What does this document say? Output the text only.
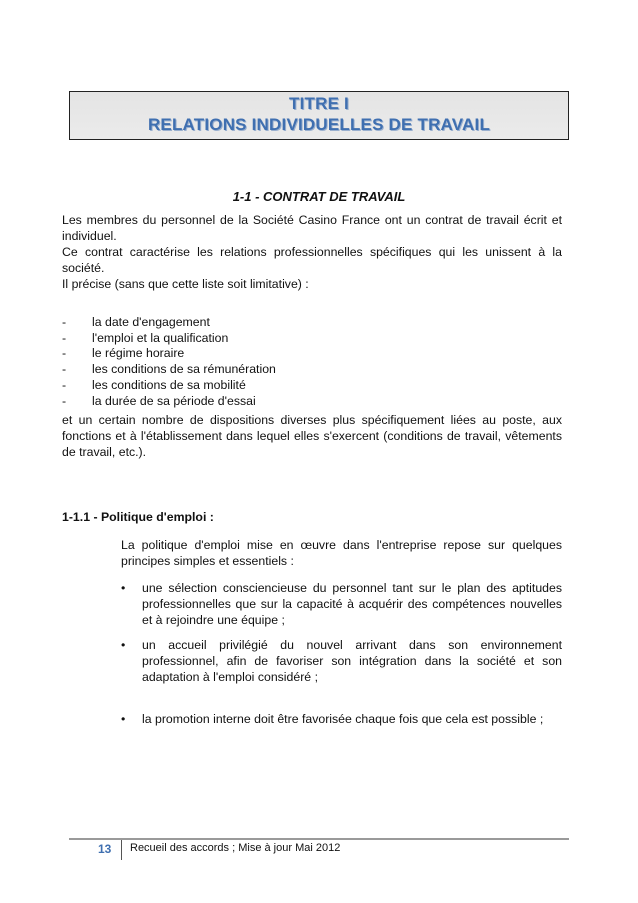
TITRE I
RELATIONS INDIVIDUELLES DE TRAVAIL
1-1 - CONTRAT DE TRAVAIL
Les membres du personnel de la Société Casino France ont un contrat de travail écrit et individuel.
Ce contrat caractérise les relations professionnelles spécifiques qui les unissent à la société.
Il précise (sans que cette liste soit limitative) :
- la date d'engagement
- l'emploi et la qualification
- le régime horaire
- les conditions de sa rémunération
- les conditions de sa mobilité
- la durée de sa période d'essai
et un certain nombre de dispositions diverses plus spécifiquement liées au poste, aux fonctions et à l'établissement dans lequel elles s'exercent (conditions de travail, vêtements de travail, etc.).
1-1.1 - Politique d'emploi :
La politique d'emploi mise en œuvre dans l'entreprise repose sur quelques principes simples et essentiels :
•	une sélection consciencieuse du personnel tant sur le plan des aptitudes professionnelles que sur la capacité à acquérir des compétences nouvelles et à rejoindre une équipe ;
•	un accueil privilégié du nouvel arrivant dans son environnement professionnel, afin de favoriser son intégration dans la société et son adaptation à l'emploi considéré ;
•	la promotion interne doit être favorisée chaque fois que cela est possible ;
13 Recueil des accords ; Mise à jour Mai 2012
